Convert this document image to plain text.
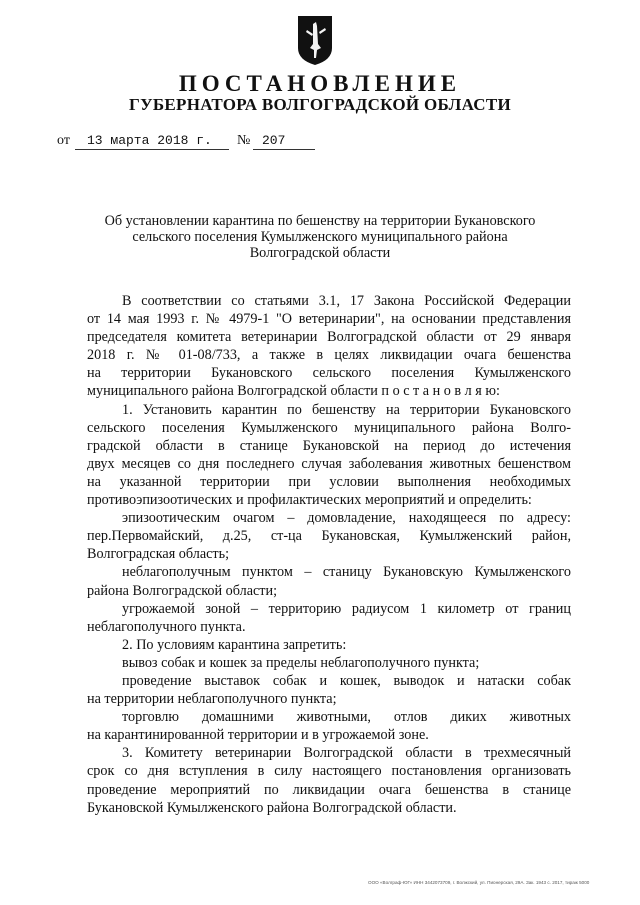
ПОСТАНОВЛЕНИЕ
ГУБЕРНАТОРА ВОЛГОГРАДСКОЙ ОБЛАСТИ
от 13 марта 2018 г. № 207
Об установлении карантина по бешенству на территории Букановского
сельского поселения Кумылженского муниципального района
Волгоградской области
В соответствии со статьями 3.1, 17 Закона Российской Федерации
от 14 мая 1993 г. № 4979-1 "О ветеринарии", на основании представления
председателя комитета ветеринарии Волгоградской области от 29 января
2018 г. № 01-08/733, а также в целях ликвидации очага бешенства
на территории Букановского сельского поселения Кумылженского
муниципального района Волгоградской области п о с т а н о в л я ю:
1. Установить карантин по бешенству на территории Букановского
сельского поселения Кумылженского муниципального района Волго-
градской области в станице Букановской на период до истечения
двух месяцев со дня последнего случая заболевания животных бешенством
на указанной территории при условии выполнения необходимых
противоэпизоотических и профилактических мероприятий и определить:
эпизоотическим очагом – домовладение, находящееся по адресу:
пер.Первомайский, д.25, ст-ца Букановская, Кумылженский район,
Волгоградская область;
неблагополучным пунктом – станицу Букановскую Кумылженского
района Волгоградской области;
угрожаемой зоной – территорию радиусом 1 километр от границ
неблагополучного пункта.
2. По условиям карантина запретить:
вывоз собак и кошек за пределы неблагополучного пункта;
проведение выставок собак и кошек, выводок и натаски собак
на территории неблагополучного пункта;
торговлю домашними животными, отлов диких животных
на карантинированной территории и в угрожаемой зоне.
3. Комитету ветеринарии Волгоградской области в трехмесячный
срок со дня вступления в силу настоящего постановления организовать
проведение мероприятий по ликвидации очага бешенства в станице
Букановской Кумылженского района Волгоградской области.
ООО «Волграф-ЮГ» ИНН 3442073709, г. Волжский, ул. Пионерская, 29А. Зак. 1943 с. 2017, тираж 5000
